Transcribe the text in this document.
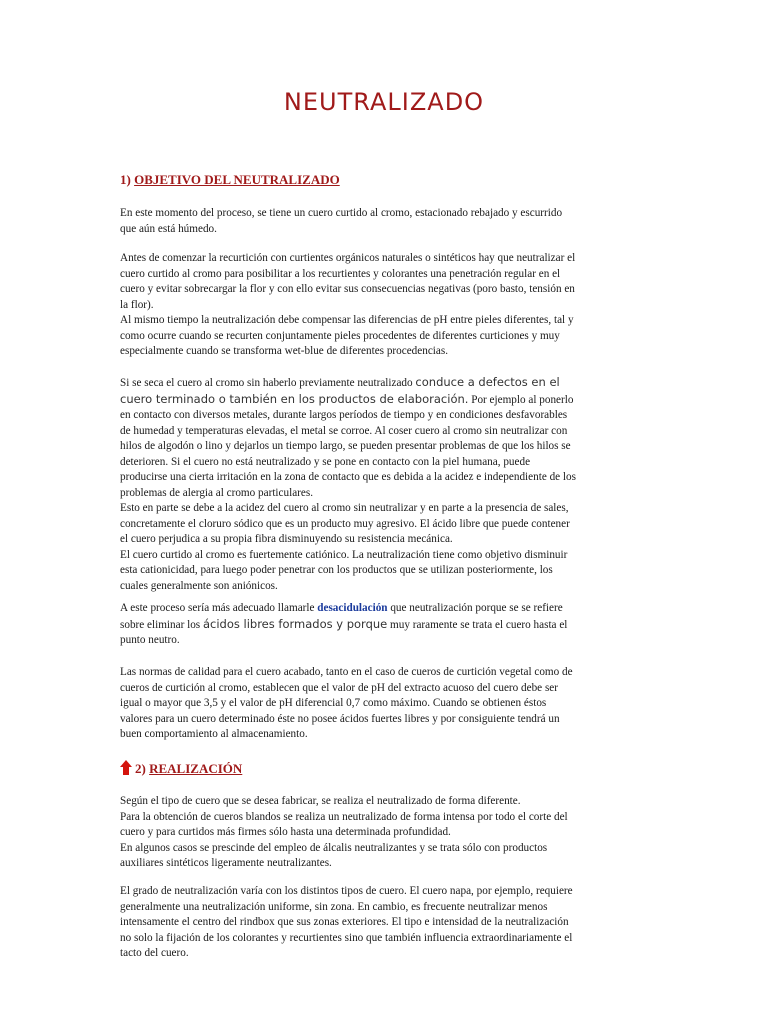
NEUTRALIZADO
1) OBJETIVO DEL NEUTRALIZADO

En este momento del proceso, se tiene un cuero curtido al cromo, estacionado rebajado y escurrido
que aún está húmedo.

Antes de comenzar la recurtición con curtientes orgánicos naturales o sintéticos hay que neutralizar el
cuero curtido al cromo para posibilitar a los recurtientes y colorantes una penetración regular en el
cuero y evitar sobrecargar la flor y con ello evitar sus consecuencias negativas (poro basto, tensión en
la flor).
Al mismo tiempo la neutralización debe compensar las diferencias de pH entre pieles diferentes, tal y
como ocurre cuando se recurten conjuntamente pieles procedentes de diferentes curticiones y muy
especialmente cuando se transforma wet-blue de diferentes procedencias.

Si se seca el cuero al cromo sin haberlo previamente neutralizado conduce a defectos en el
cuero terminado o también en los productos de elaboración. Por ejemplo al ponerlo
en contacto con diversos metales, durante largos períodos de tiempo y en condiciones desfavorables
de humedad y temperaturas elevadas, el metal se corroe. Al coser cuero al cromo sin neutralizar con
hilos de algodón o lino y dejarlos un tiempo largo, se pueden presentar problemas de que los hilos se
deterioren. Si el cuero no está neutralizado y se pone en contacto con la piel humana, puede
producirse una cierta irritación en la zona de contacto que es debida a la acidez e independiente de los
problemas de alergia al cromo particulares.
Esto en parte se debe a la acidez del cuero al cromo sin neutralizar y en parte a la presencia de sales,
concretamente el cloruro sódico que es un producto muy agresivo. El ácido libre que puede contener
el cuero perjudica a su propia fibra disminuyendo su resistencia mecánica.
El cuero curtido al cromo es fuertemente catiónico. La neutralización tiene como objetivo disminuir
esta cationicidad, para luego poder penetrar con los productos que se utilizan posteriormente, los
cuales generalmente son aniónicos.

A este proceso sería más adecuado llamarle desacidulación que neutralización porque se se refiere
sobre eliminar los ácidos libres formados y porque muy raramente se trata el cuero hasta el
punto neutro.

Las normas de calidad para el cuero acabado, tanto en el caso de cueros de curtición vegetal como de
cueros de curtición al cromo, establecen que el valor de pH del extracto acuoso del cuero debe ser
igual o mayor que 3,5 y el valor de pH diferencial 0,7 como máximo. Cuando se obtienen éstos
valores para un cuero determinado éste no posee ácidos fuertes libres y por consiguiente tendrá un
buen comportamiento al almacenamiento.

2) REALIZACIÓN

Según el tipo de cuero que se desea fabricar, se realiza el neutralizado de forma diferente.
Para la obtención de cueros blandos se realiza un neutralizado de forma intensa por todo el corte del
cuero y para curtidos más firmes sólo hasta una determinada profundidad.
En algunos casos se prescinde del empleo de álcalis neutralizantes y se trata sólo con productos
auxiliares sintéticos ligeramente neutralizantes.

El grado de neutralización varía con los distintos tipos de cuero. El cuero napa, por ejemplo, requiere
generalmente una neutralización uniforme, sin zona. En cambio, es frecuente neutralizar menos
intensamente el centro del rindbox que sus zonas exteriores. El tipo e intensidad de la neutralización
no solo la fijación de los colorantes y recurtientes sino que también influencia extraordinariamente el
tacto del cuero.
